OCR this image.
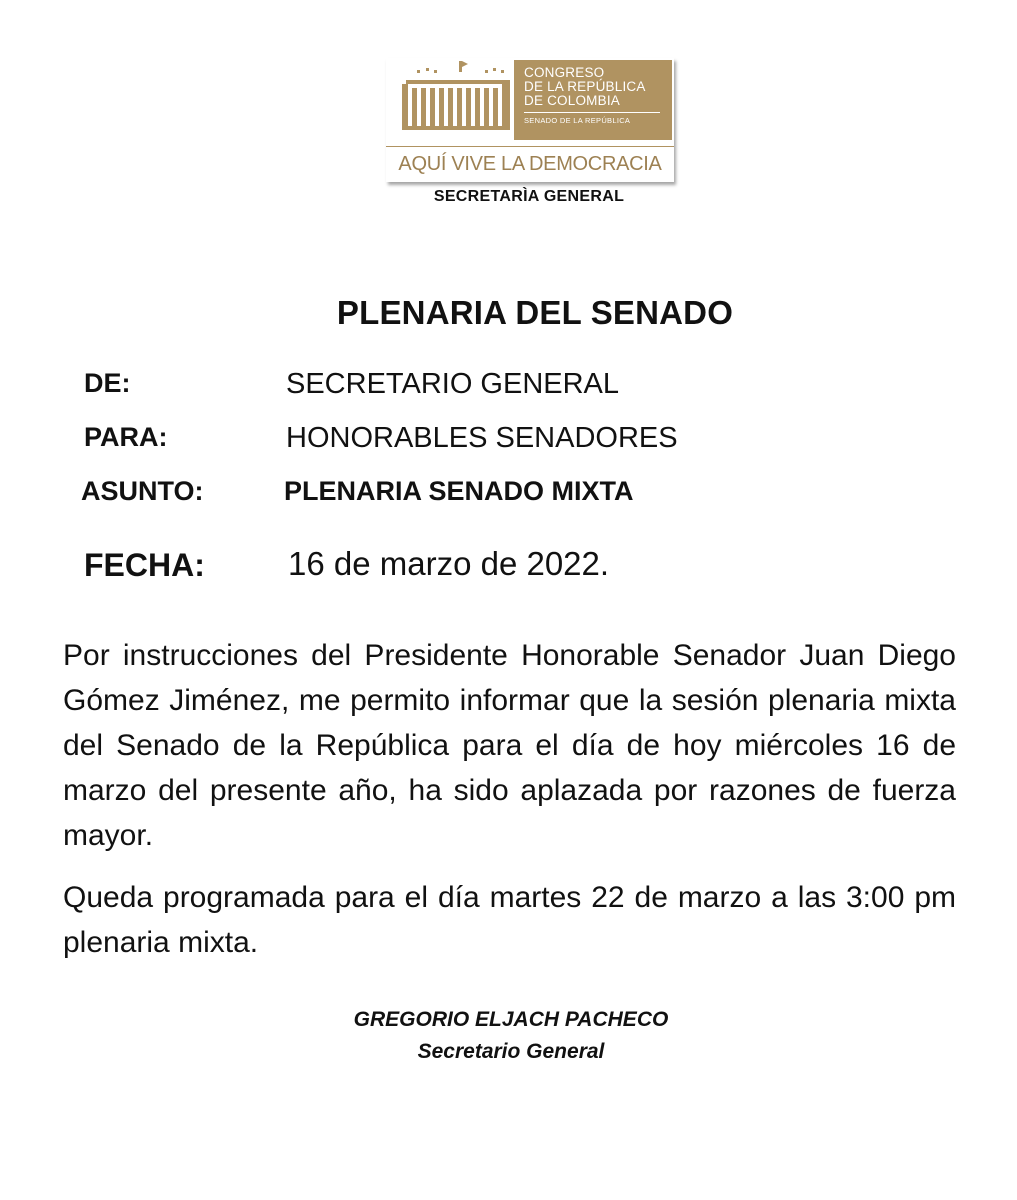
CONGRESO
DE LA REPÚBLICA
DE COLOMBIA
SENADO DE LA REPÚBLICA
AQUÍ VIVE LA DEMOCRACIA
SECRETARÌA GENERAL
PLENARIA DEL SENADO
DE:	SECRETARIO GENERAL
PARA:	HONORABLES SENADORES
ASUNTO:	PLENARIA SENADO MIXTA
FECHA:	16 de marzo de 2022.

Por instrucciones del Presidente Honorable Senador Juan Diego Gómez Jiménez, me permito informar que la sesión plenaria mixta del Senado de la República para el día de hoy miércoles 16 de marzo del presente año, ha sido aplazada por razones de fuerza mayor.

Queda programada para el día martes 22 de marzo a las 3:00 pm plenaria mixta.

GREGORIO ELJACH PACHECO
Secretario General
